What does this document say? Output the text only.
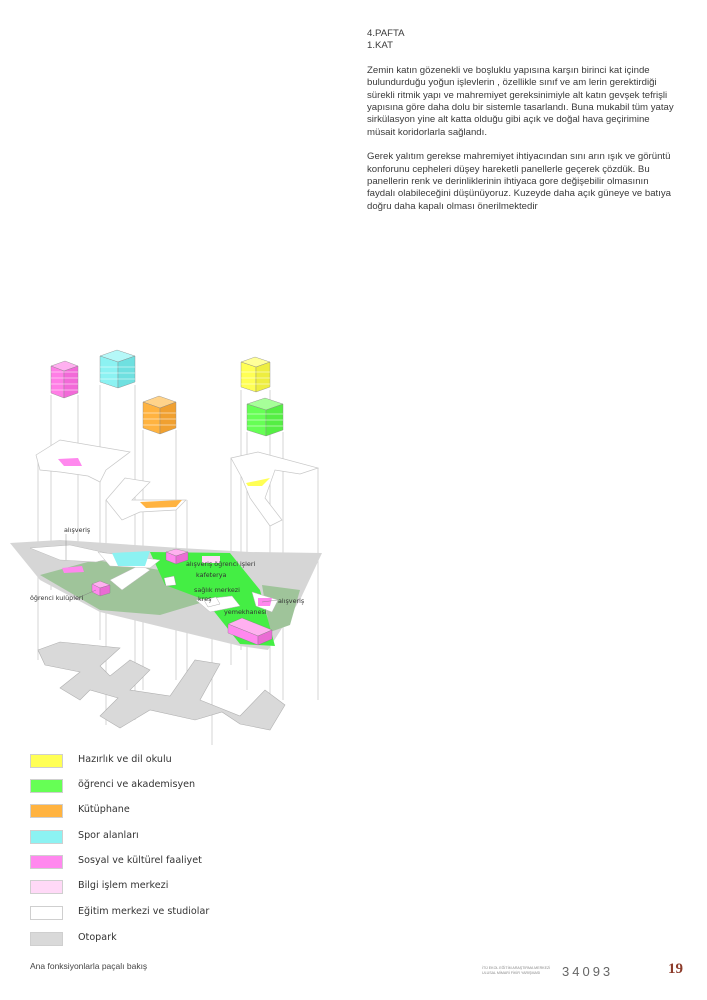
4.PAFTA
1.KAT

Zemin katın gözenekli ve boşluklu yapısına karşın birinci kat içinde bulundurduğu yoğun işlevlerin , özellikle sınıf ve am lerin gerektirdiği sürekli ritmik yapı ve mahremiyet gereksinimiyle alt katın gevşek tefrişli yapısına göre daha dolu bir sistemle tasarlandı. Buna mukabil tüm yatay sirkülasyon yine alt katta olduğu gibi açık ve doğal hava geçirimine müsait koridorlarla sağlandı.

Gerek yalıtım gerekse mahremiyet ihtiyacından sını arın ışık ve görüntü konforunu cepheleri düşey hareketli panellerle geçerek çözdük. Bu panellerin renk ve derinliklerinin ihtiyaca gore değişebilir olmasının faydalı olabileceğini düşünüyoruz. Kuzeyde daha açık güneye ve batıya doğru daha kapalı olması önerilmektedir

alışveriş
öğrenci kulüpleri
alışveriş öğrenci işleri
kafeterya
sağlık merkezi
kreş	alışveriş
yemekhanesi
Hazırlık ve dil okulu
öğrenci ve akademisyen
Kütüphane
Spor alanları
Sosyal ve kültürel faaliyet
Bilgi işlem merkezi
Eğitim merkezi ve studiolar
Otopark
Ana fonksiyonlarla paçalı bakış	İTÜ EKOL EĞİTİM ARAŞTIRMA MERKEZİ ULUSAL MİMARİ FİKİR YARIŞMASI	34093	19
